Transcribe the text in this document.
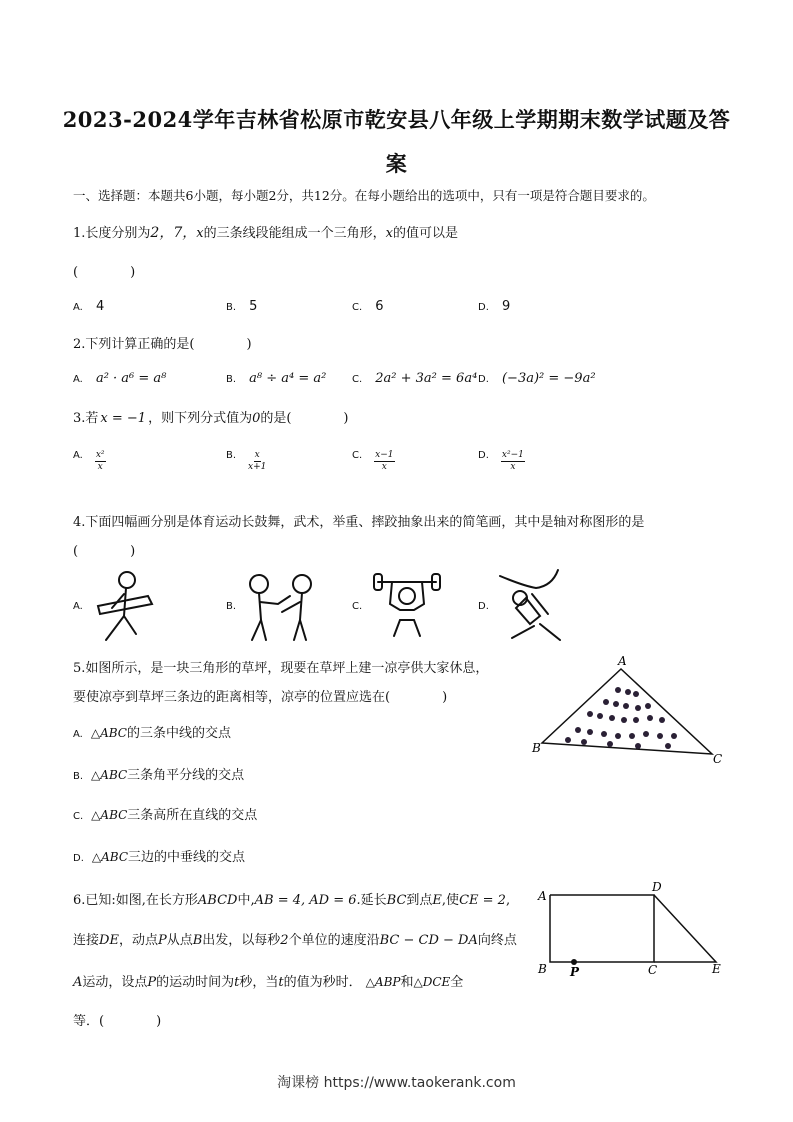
2023-2024学年吉林省松原市乾安县八年级上学期期末数学试题及答
案
一、选择题：本题共6小题，每小题2分，共12分。在每小题给出的选项中，只有一项是符合题目要求的。
1.长度分别为2，7，x的三条线段能组成一个三角形，x的值可以是
(　　　　)
A. 4	B. 5	C. 6	D. 9
2.下列计算正确的是(　　　　)
A. a² · a⁶ = a⁸	B. a⁸ ÷ a⁴ = a²	C. 2a² + 3a² = 6a⁴ D. (−3a)² = −9a²
3.若 x = −1 ，则下列分式值为0的是(　　　　)
A. $\frac{\text{x²}}{x}$	B. $\frac{x}{x+1}$	C. $\frac{x-1}{x}$	D. $\frac{\text{x²−1}}{x}$
4.下面四幅画分别是体育运动长鼓舞，武术，举重、摔跤抽象出来的简笔画，其中是轴对称图形的是
(　　　　)
A.	B.	C.	D.
5.如图所示，是一块三角形的草坪，现要在草坪上建一凉亭供大家休息，
要使凉亭到草坪三条边的距离相等，凉亭的位置应选在(　　　　)
A. △ABC的三条中线的交点
B. △ABC三条角平分线的交点
C. △ABC三条高所在直线的交点
D. △ABC三边的中垂线的交点
A
B
C
6.已知:如图,在长方形ABCD中,AB = 4, AD = 6.延长BC到点E,使CE = 2,
连接DE，动点P从点B出发，以每秒2个单位的速度沿BC − CD − DA向终点
A运动，设点P的运动时间为t秒，当t的值为秒时． △ABP和△DCE全
等．(　　　　)
A
D
B P	C	E
淘课榜 https://www.taokerank.com
